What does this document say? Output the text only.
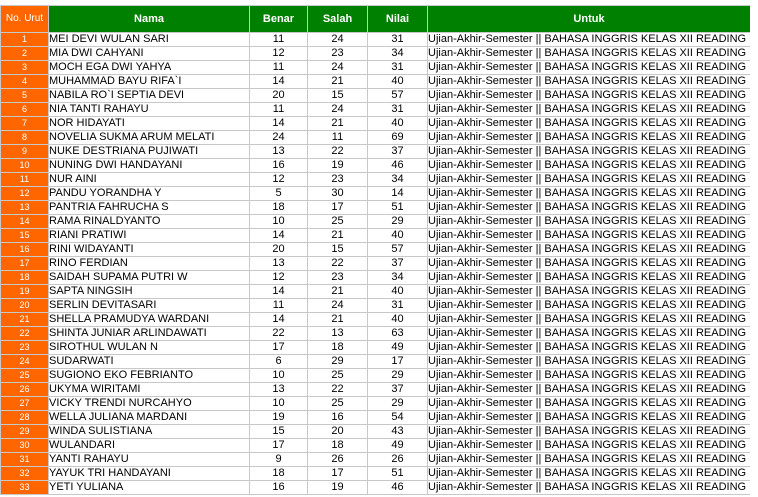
No. Urut	Nama	Benar	Salah	Nilai	Untuk
1	MEI DEVI WULAN SARI	11	24	31	Ujian-Akhir-Semester || BAHASA INGGRIS KELAS XII READING
2	MIA DWI CAHYANI	12	23	34	Ujian-Akhir-Semester || BAHASA INGGRIS KELAS XII READING
3	MOCH EGA DWI YAHYA	11	24	31	Ujian-Akhir-Semester || BAHASA INGGRIS KELAS XII READING
4	MUHAMMAD BAYU RIFA`I	14	21	40	Ujian-Akhir-Semester || BAHASA INGGRIS KELAS XII READING
5	NABILA RO`I SEPTIA DEVI	20	15	57	Ujian-Akhir-Semester || BAHASA INGGRIS KELAS XII READING
6	NIA TANTI RAHAYU	11	24	31	Ujian-Akhir-Semester || BAHASA INGGRIS KELAS XII READING
7	NOR HIDAYATI	14	21	40	Ujian-Akhir-Semester || BAHASA INGGRIS KELAS XII READING
8	NOVELIA SUKMA ARUM MELATI	24	11	69	Ujian-Akhir-Semester || BAHASA INGGRIS KELAS XII READING
9	NUKE DESTRIANA PUJIWATI	13	22	37	Ujian-Akhir-Semester || BAHASA INGGRIS KELAS XII READING
10	NUNING DWI HANDAYANI	16	19	46	Ujian-Akhir-Semester || BAHASA INGGRIS KELAS XII READING
11	NUR AINI	12	23	34	Ujian-Akhir-Semester || BAHASA INGGRIS KELAS XII READING
12	PANDU YORANDHA Y	5	30	14	Ujian-Akhir-Semester || BAHASA INGGRIS KELAS XII READING
13	PANTRIA FAHRUCHA S	18	17	51	Ujian-Akhir-Semester || BAHASA INGGRIS KELAS XII READING
14	RAMA RINALDYANTO	10	25	29	Ujian-Akhir-Semester || BAHASA INGGRIS KELAS XII READING
15	RIANI PRATIWI	14	21	40	Ujian-Akhir-Semester || BAHASA INGGRIS KELAS XII READING
16	RINI WIDAYANTI	20	15	57	Ujian-Akhir-Semester || BAHASA INGGRIS KELAS XII READING
17	RINO FERDIAN	13	22	37	Ujian-Akhir-Semester || BAHASA INGGRIS KELAS XII READING
18	SAIDAH SUPAMA PUTRI W	12	23	34	Ujian-Akhir-Semester || BAHASA INGGRIS KELAS XII READING
19	SAPTA NINGSIH	14	21	40	Ujian-Akhir-Semester || BAHASA INGGRIS KELAS XII READING
20	SERLIN DEVITASARI	11	24	31	Ujian-Akhir-Semester || BAHASA INGGRIS KELAS XII READING
21	SHELLA PRAMUDYA WARDANI	14	21	40	Ujian-Akhir-Semester || BAHASA INGGRIS KELAS XII READING
22	SHINTA JUNIAR ARLINDAWATI	22	13	63	Ujian-Akhir-Semester || BAHASA INGGRIS KELAS XII READING
23	SIROTHUL WULAN N	17	18	49	Ujian-Akhir-Semester || BAHASA INGGRIS KELAS XII READING
24	SUDARWATI	6	29	17	Ujian-Akhir-Semester || BAHASA INGGRIS KELAS XII READING
25	SUGIONO EKO FEBRIANTO	10	25	29	Ujian-Akhir-Semester || BAHASA INGGRIS KELAS XII READING
26	UKYMA WIRITAMI	13	22	37	Ujian-Akhir-Semester || BAHASA INGGRIS KELAS XII READING
27	VICKY TRENDI NURCAHYO	10	25	29	Ujian-Akhir-Semester || BAHASA INGGRIS KELAS XII READING
28	WELLA JULIANA MARDANI	19	16	54	Ujian-Akhir-Semester || BAHASA INGGRIS KELAS XII READING
29	WINDA SULISTIANA	15	20	43	Ujian-Akhir-Semester || BAHASA INGGRIS KELAS XII READING
30	WULANDARI	17	18	49	Ujian-Akhir-Semester || BAHASA INGGRIS KELAS XII READING
31	YANTI RAHAYU	9	26	26	Ujian-Akhir-Semester || BAHASA INGGRIS KELAS XII READING
32	YAYUK TRI HANDAYANI	18	17	51	Ujian-Akhir-Semester || BAHASA INGGRIS KELAS XII READING
33	YETI YULIANA	16	19	46	Ujian-Akhir-Semester || BAHASA INGGRIS KELAS XII READING
